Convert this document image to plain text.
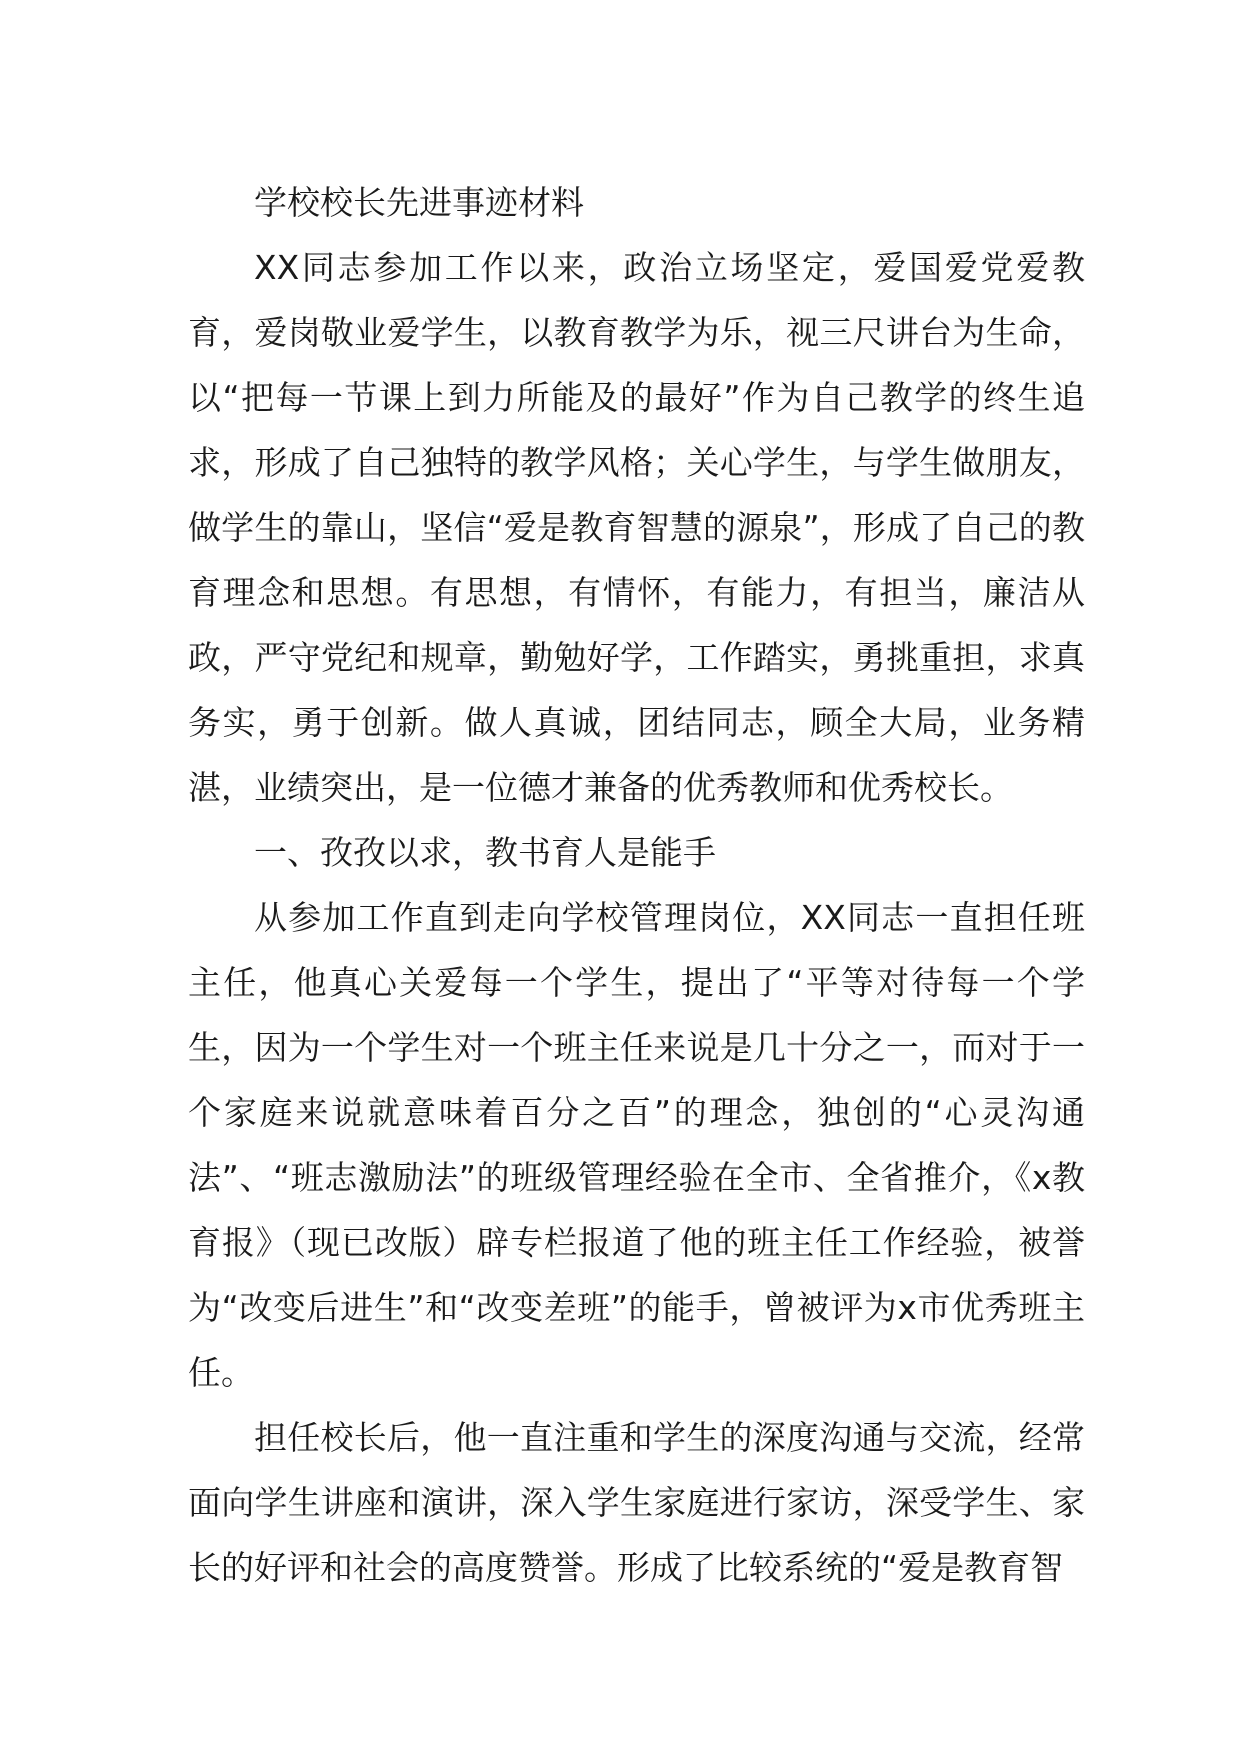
学校校长先进事迹材料

XX同志参加工作以来，政治立场坚定，爱国爱党爱教育，爱岗敬业爱学生，以教育教学为乐，视三尺讲台为生命，以“把每一节课上到力所能及的最好”作为自己教学的终生追求，形成了自己独特的教学风格；关心学生，与学生做朋友，做学生的靠山，坚信“爱是教育智慧的源泉”，形成了自己的教育理念和思想。有思想，有情怀，有能力，有担当，廉洁从政，严守党纪和规章，勤勉好学，工作踏实，勇挑重担，求真务实，勇于创新。做人真诚，团结同志，顾全大局，业务精湛，业绩突出，是一位德才兼备的优秀教师和优秀校长。

一、孜孜以求，教书育人是能手

从参加工作直到走向学校管理岗位，XX同志一直担任班主任，他真心关爱每一个学生，提出了“平等对待每一个学生，因为一个学生对一个班主任来说是几十分之一，而对于一个家庭来说就意味着百分之百”的理念，独创的“心灵沟通法”、“班志激励法”的班级管理经验在全市、全省推介，《x教育报》（现已改版）辟专栏报道了他的班主任工作经验，被誉为“改变后进生”和“改变差班”的能手，曾被评为x市优秀班主任。

担任校长后，他一直注重和学生的深度沟通与交流，经常面向学生讲座和演讲，深入学生家庭进行家访，深受学生、家长的好评和社会的高度赞誉。形成了比较系统的“爱是教育智
